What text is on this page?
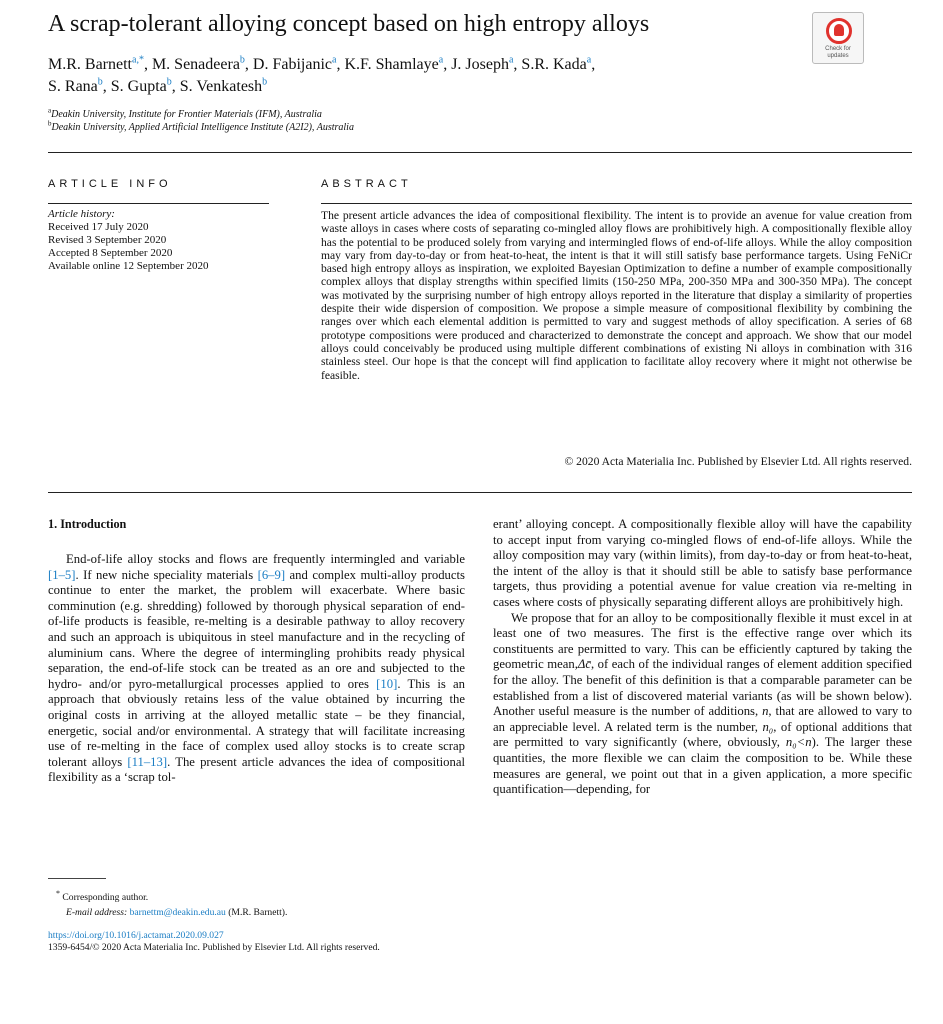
A scrap-tolerant alloying concept based on high entropy alloys
Check for
updates
M.R. Barnett$^{a,*}$, M. Senadeera$^b$, D. Fabijanic$^a$, K.F. Shamlaye$^a$, J. Joseph$^a$, S.R. Kada$^a$,
S. Rana$^b$, S. Gupta$^b$, S. Venkatesh$^b$
$^a$Deakin University, Institute for Frontier Materials (IFM), Australia
$^b$Deakin University, Applied Artificial Intelligence Institute (A2I2), Australia
ARTICLE INFO	ABSTRACT
Article history:
Received 17 July 2020
Revised 3 September 2020
Accepted 8 September 2020
Available online 12 September 2020
The present article advances the idea of compositional flexibility. The intent is to provide an avenue for value creation from waste alloys in cases where costs of separating co-mingled alloy flows are prohibitively high. A compositionally flexible alloy has the potential to be produced solely from varying and intermingled flows of end-of-life alloys. While the alloy composition may vary from day-to-day or from heat-to-heat, the intent is that it will still satisfy base performance targets. Using FeNiCr based high entropy alloys as inspiration, we exploited Bayesian Optimization to define a number of example compositionally complex alloys that display strengths within specified limits (150-250 MPa, 200-350 MPa and 300-350 MPa). The concept was motivated by the surprising number of high entropy alloys reported in the literature that display a similarity of properties despite their wide dispersion of composition. We propose a simple measure of compositional flexibility by combining the ranges over which each elemental addition is permitted to vary and suggest methods of alloy specification. A series of 68 prototype compositions were produced and characterized to demonstrate the concept and approach. We show that our model alloys could conceivably be produced using multiple different combinations of existing Ni alloys in combination with 316 stainless steel. Our hope is that the concept will find application to facilitate alloy recovery where it might not otherwise be feasible.
© 2020 Acta Materialia Inc. Published by Elsevier Ltd. All rights reserved.
1. Introduction

End-of-life alloy stocks and flows are frequently intermingled and variable [1–5]. If new niche speciality materials [6–9] and complex multi-alloy products continue to enter the market, the problem will exacerbate. Where basic comminution (e.g. shredding) followed by thorough physical separation of end-of-life products is feasible, re-melting is a desirable pathway to alloy recovery and such an approach is ubiquitous in steel manufacture and in the recycling of aluminium cans. Where the degree of intermingling prohibits ready physical separation, the end-of-life stock can be treated as an ore and subjected to the hydro- and/or pyro-metallurgical processes applied to ores [10]. This is an approach that obviously retains less of the value obtained by incurring the original costs in arriving at the alloyed metallic state – be they financial, energetic, social and/or environmental. A strategy that will facilitate increasing use of re-melting in the face of complex used alloy stocks is to create scrap tolerant alloys [11–13]. The present article advances the idea of compositional flexibility as a ‘scrap tol-

erant’ alloying concept. A compositionally flexible alloy will have the capability to accept input from varying co-mingled flows of end-of-life alloys. While the alloy composition may vary (within limits), from day-to-day or from heat-to-heat, the intent of the alloy is that it should still be able to satisfy base performance targets, thus providing a potential avenue for value creation via re-melting in cases where costs of physically separating different alloys are prohibitively high.

We propose that for an alloy to be compositionally flexible it must excel in at least one of two measures. The first is the effective range over which its constituents are permitted to vary. This can be efficiently captured by taking the geometric mean,Δc̄, of each of the individual ranges of element addition specified for the alloy. The benefit of this definition is that a comparable parameter can be established from a list of discovered material variants (as will be shown below). Another useful measure is the number of additions, n, that are allowed to vary to an appreciable level. A related term is the number, n₀, of optional additions that are permitted to vary significantly (where, obviously, n₀<n). The larger these quantities, the more flexible we can claim the composition to be. While these measures are general, we point out that in a given application, a more specific quantification—depending, for

* Corresponding author.
E-mail address: barnettm@deakin.edu.au (M.R. Barnett).
https://doi.org/10.1016/j.actamat.2020.09.027
1359-6454/© 2020 Acta Materialia Inc. Published by Elsevier Ltd. All rights reserved.
